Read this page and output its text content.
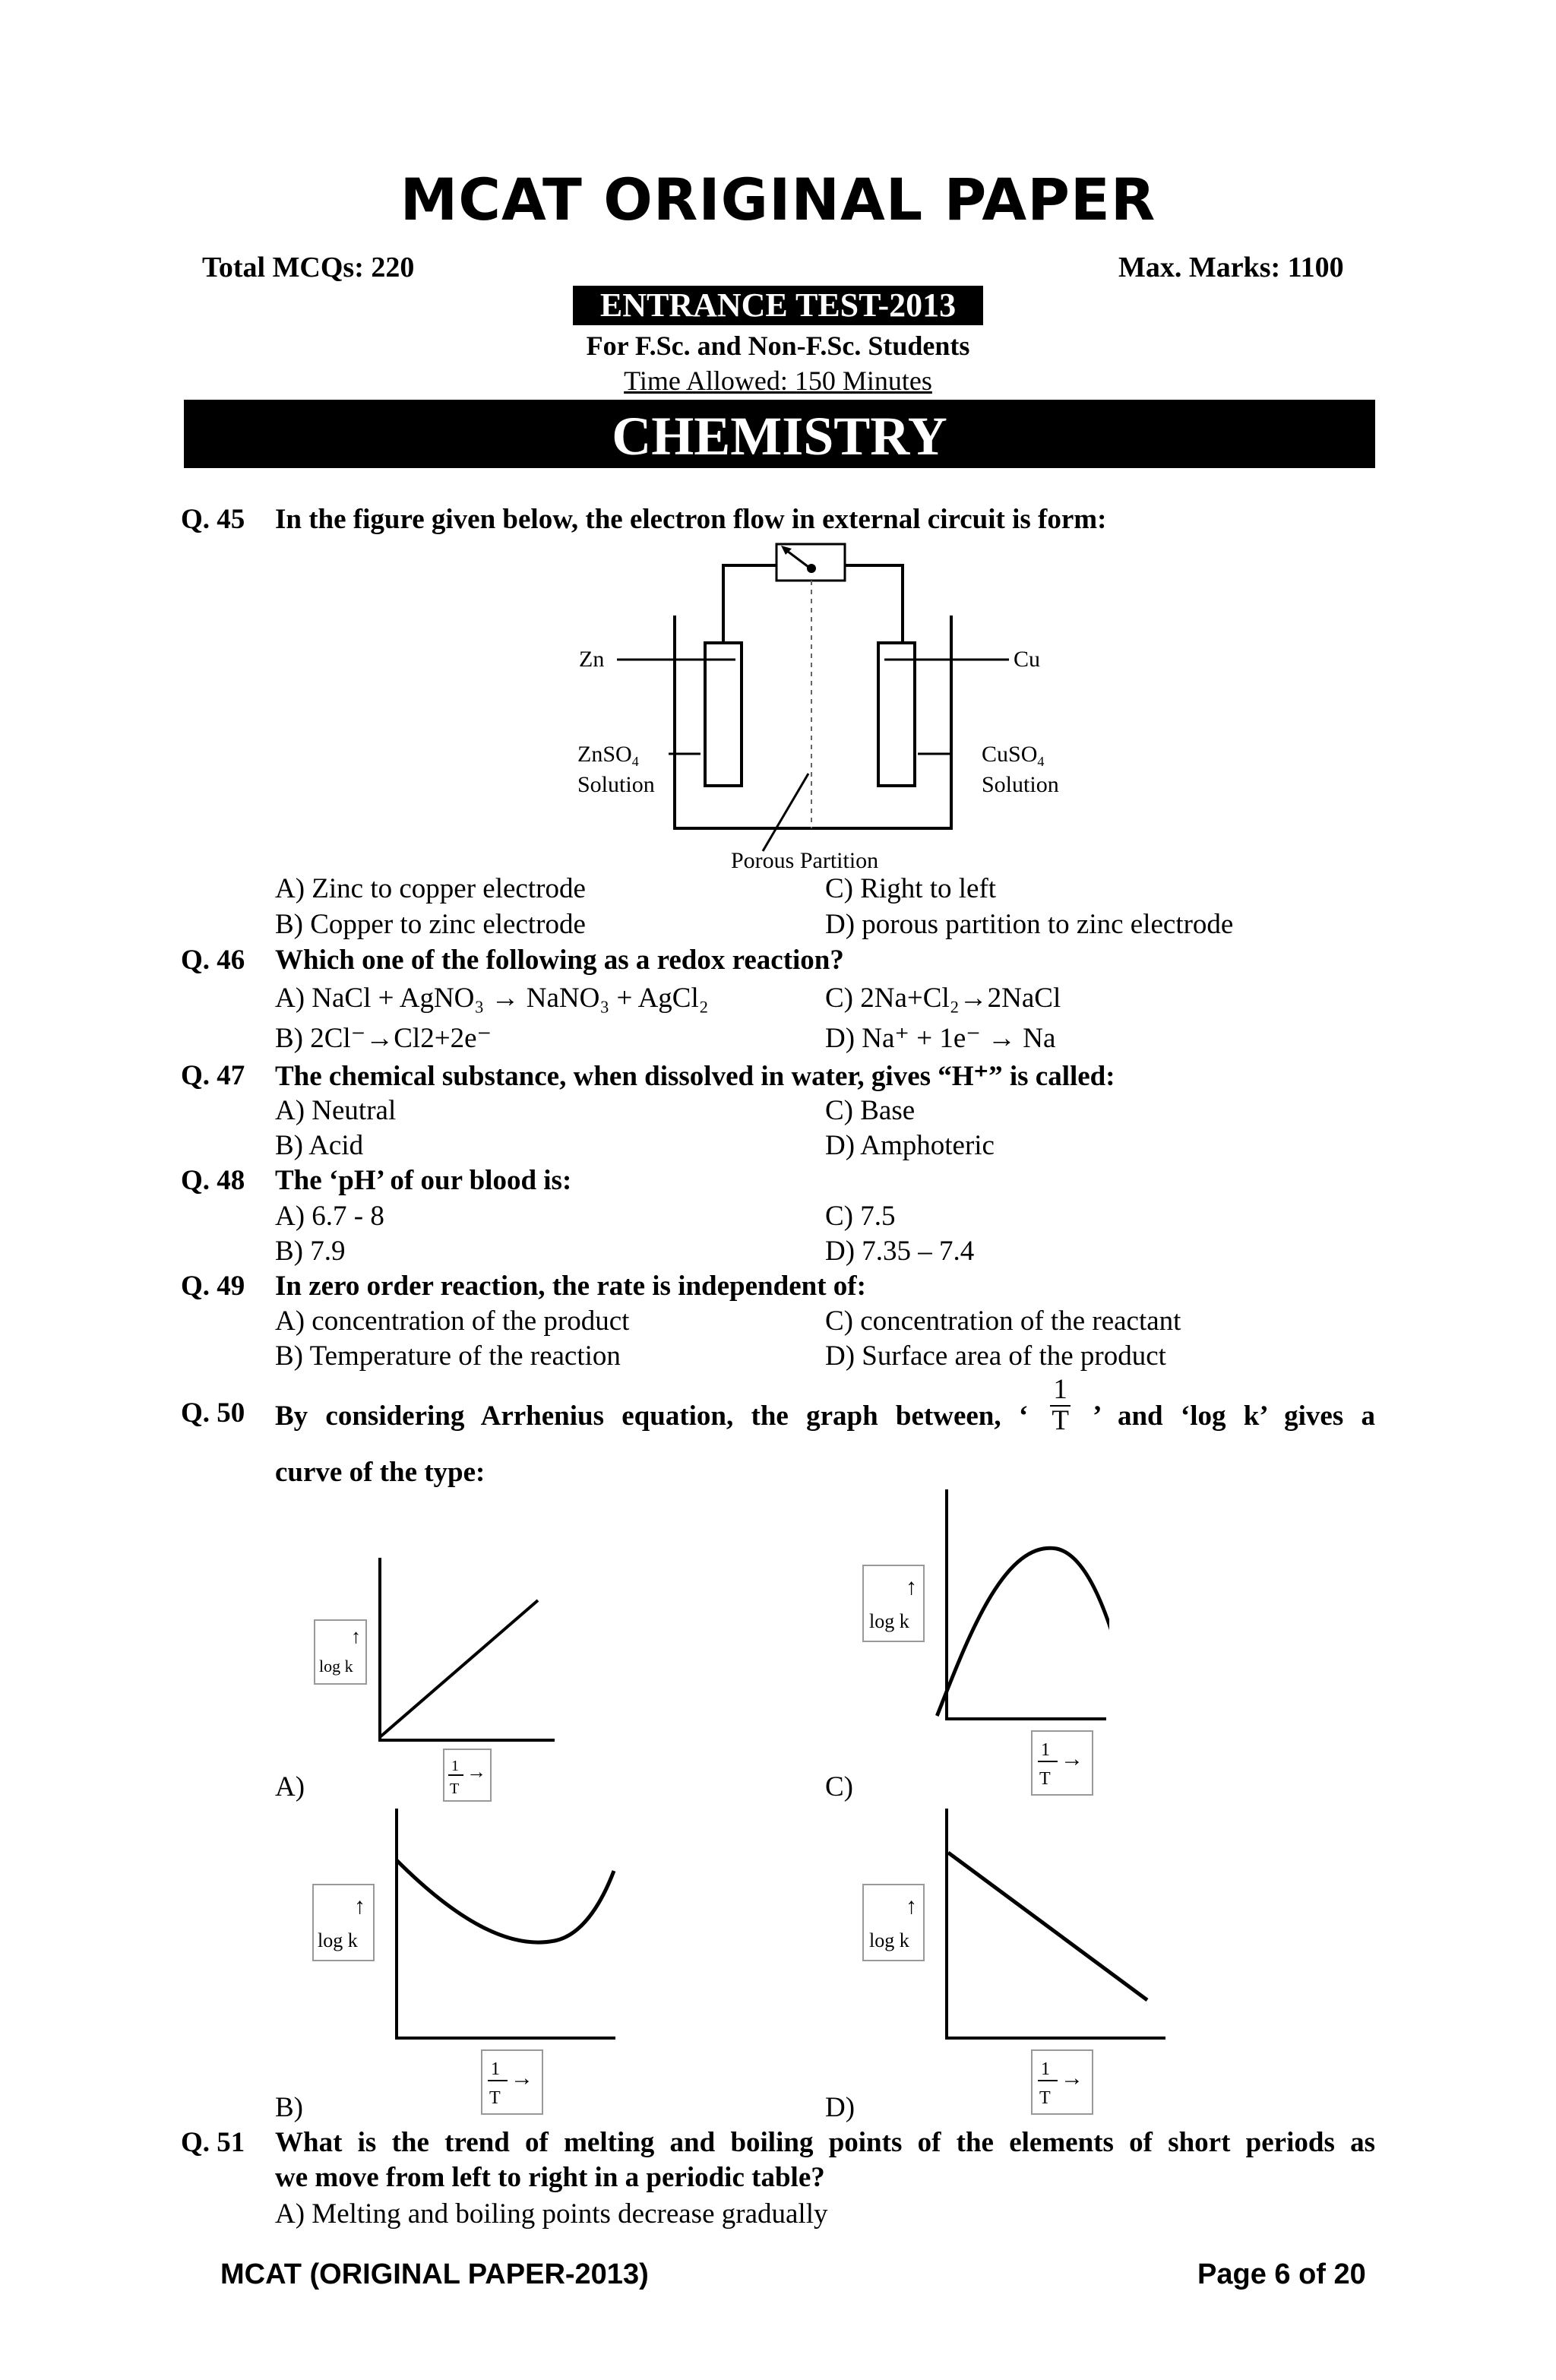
MCAT ORIGINAL PAPER
Total MCQs: 220	Max. Marks: 1100
ENTRANCE TEST-2013
For F.Sc. and Non-F.Sc. Students
Time Allowed: 150 Minutes
CHEMISTRY
Q. 45 In the figure given below, the electron flow in external circuit is form:
Zn	Cu
ZnSO$_4$
Solution
CuSO$_4$
Solution
Porous Partition
A) Zinc to copper electrode	C) Right to left
B) Copper to zinc electrode	D) porous partition to zinc electrode
Q. 46 Which one of the following as a redox reaction?
A) NaCl + AgNO₃ → NaNO₃ + AgCl₂	C) 2Na+Cl₂→2NaCl
B) 2Cl⁻→Cl2+2e⁻	D) Na⁺ + 1e⁻ → Na
Q. 47 The chemical substance, when dissolved in water, gives “H⁺” is called:
A) Neutral	C) Base
B) Acid	D) Amphoteric
Q. 48 The ‘pH’ of our blood is:
A) 6.7 - 8	C) 7.5
B) 7.9	D) 7.35 – 7.4
Q. 49 In zero order reaction, the rate is independent of:
A) concentration of the product	C) concentration of the reactant
B) Temperature of the reaction	D) Surface area of the product
Q. 50 By considering Arrhenius equation, the graph between, ‘ $\frac{1}{T}$ ’ and ‘log k’ gives a
curve of the type:
↑
log k
1
T
→
A)
↑
log k
1
T
→
C)
↑
log k
1
T
→
B)
↑
log k
1
T
→
D)
Q. 51 What is the trend of melting and boiling points of the elements of short periods as
we move from left to right in a periodic table?
A) Melting and boiling points decrease gradually
MCAT (ORIGINAL PAPER-2013)	Page 6 of 20
